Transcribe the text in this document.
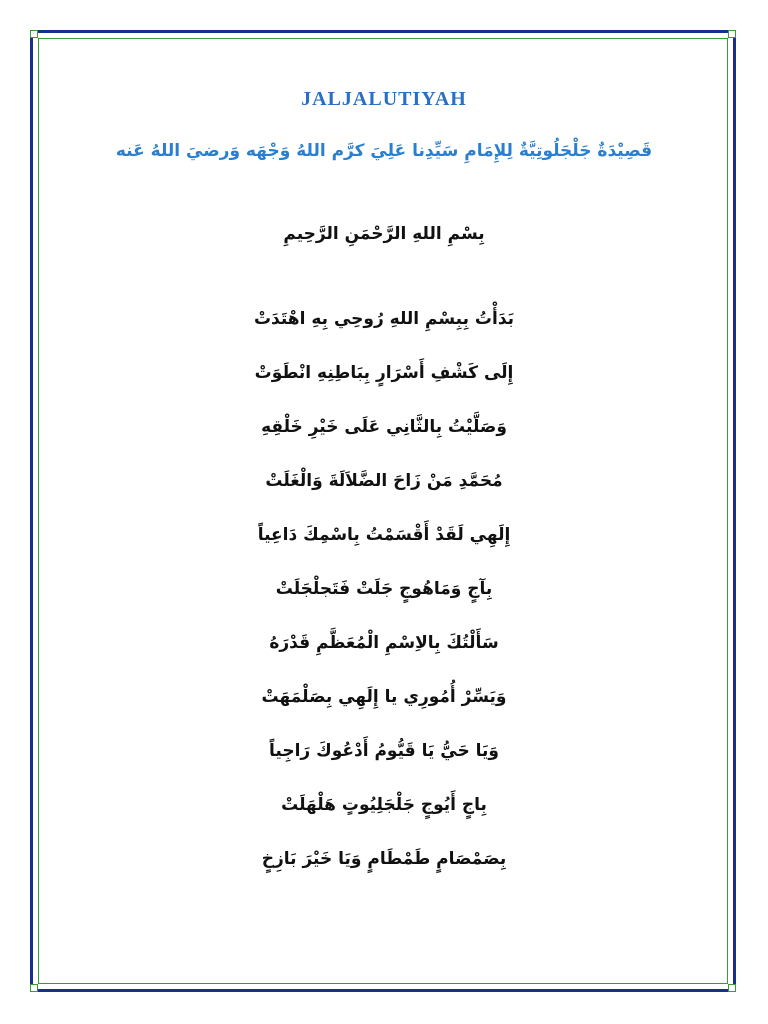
JALJALUTIYAH
قَصِيْدَةٌ جَلْجَلُوتِيَّةٌ لِلإِمَامِ سَيِّدِنا عَلِيَ كرَّم اللهُ وَجْهَه وَرضيَ اللهُ عَنه
بِسْمِ اللهِ الرَّحْمَنِ الرَّحِيمِ
بَدَأْتُ بِبِسْمِ اللهِ رُوحِي بِهِ اهْتَدَتْ
إِلَى كَشْفِ أَسْرَارٍ بِبَاطِنِهِ انْطَوَتْ
وَصَلَّيْتُ بِالثَّانِي عَلَى خَيْرِ خَلْقِهِ
مُحَمَّدِ مَنْ زَاحَ الضَّلاَلَةَ وَالْغَلَتْ
إِلَهِي لَقَدْ أَقْسَمْتُ بِاسْمِكَ دَاعِياً
بِآجٍ وَمَاهُوجٍ جَلَتْ فَتَجلْجَلَتْ
سَأَلْتُكَ بِالاِسْمِ الْمُعَظَّمِ قَدْرَهُ
وَيَسِّرْ أُمُورِي يا إِلَهِي بِصَلْمَهَتْ
وَيَا حَيُّ يَا قَيُّومُ أَدْعُوكَ رَاجِياً
بِاجٍ أَيُوجٍ جَلْجَلِيُوتٍ هَلْهَلَتْ
بِصَمْصَامٍ طَمْطَامٍ وَيَا خَيْرَ بَازِخٍ
